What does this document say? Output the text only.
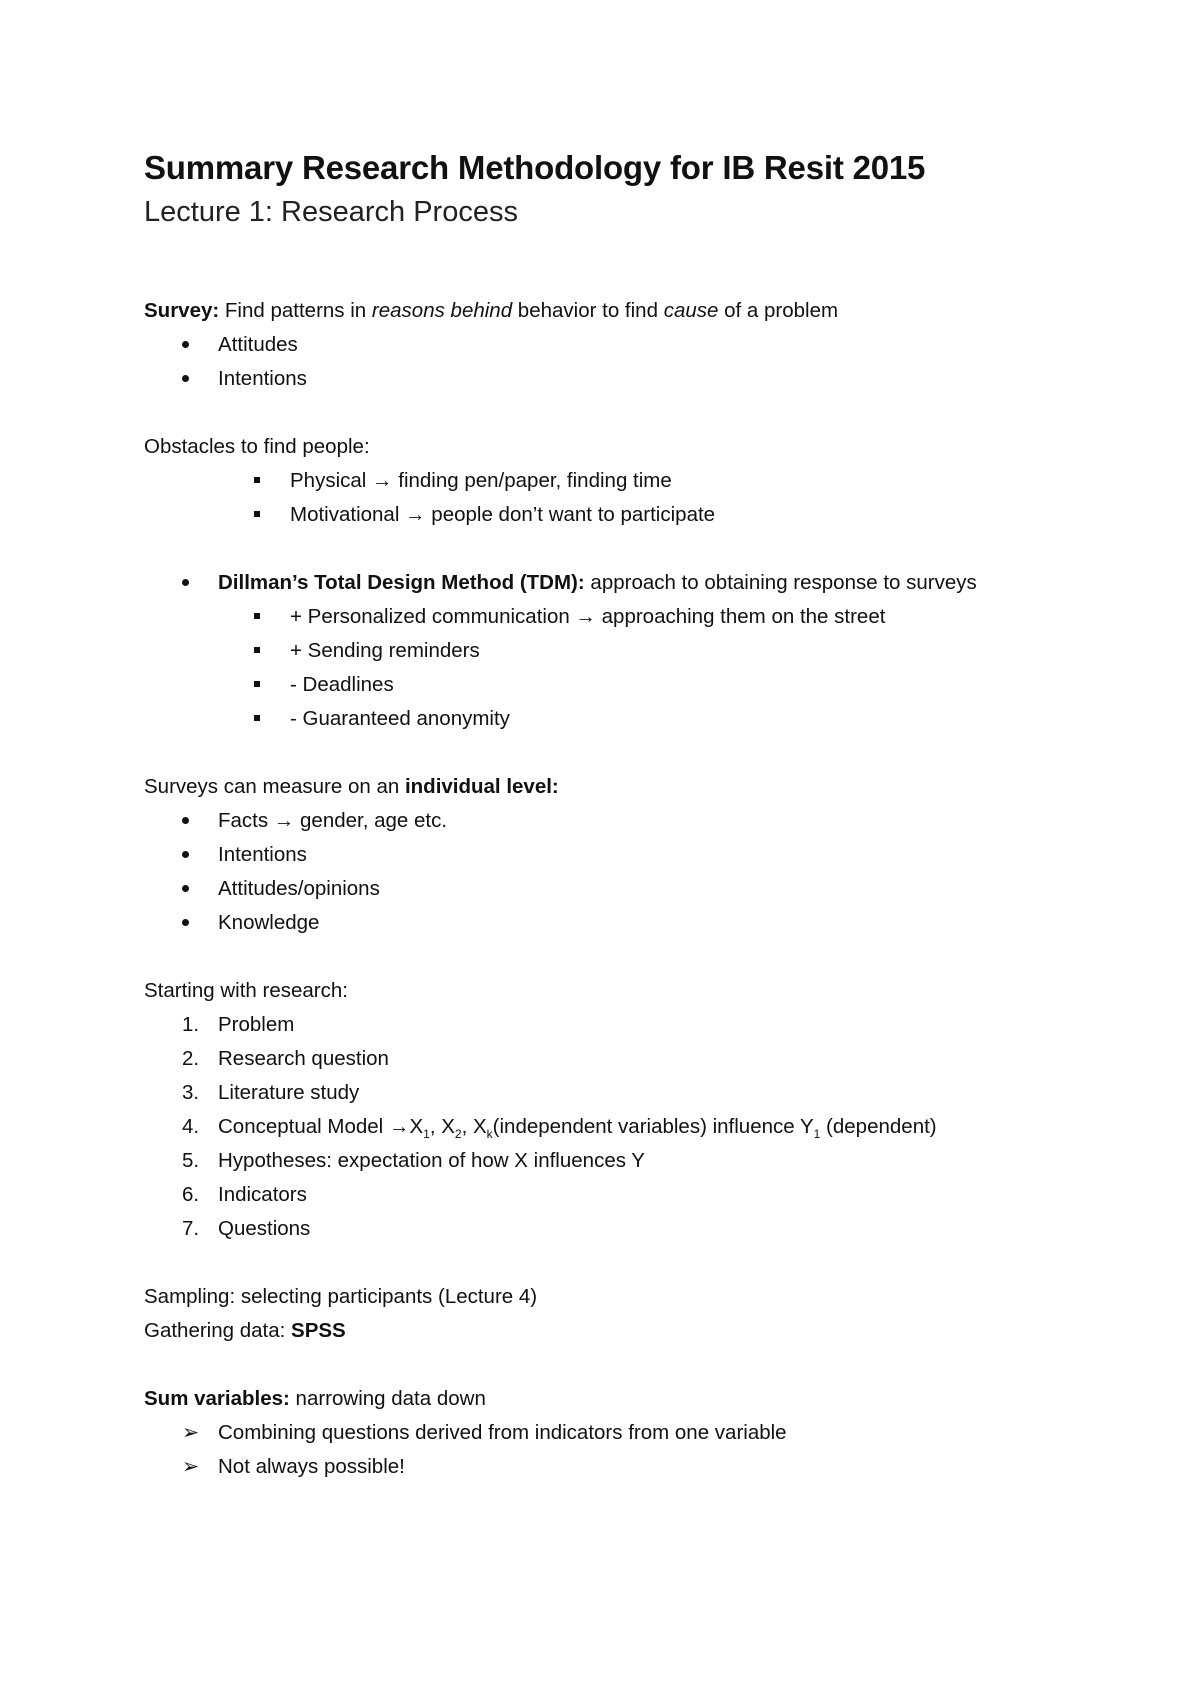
Summary Research Methodology for IB Resit 2015
Lecture 1: Research Process

Survey: Find patterns in reasons behind behavior to find cause of a problem

Attitudes
Intentions

Obstacles to find people:

Physical → finding pen/paper, finding time
Motivational → people don’t want to participate
Dillman’s Total Design Method (TDM): approach to obtaining response to surveys
+ Personalized communication → approaching them on the street
+ Sending reminders
- Deadlines
- Guaranteed anonymity

Surveys can measure on an individual level:

Facts → gender, age etc.
Intentions
Attitudes/opinions
Knowledge

Starting with research:

1. Problem
2. Research question
3. Literature study
4. Conceptual Model $\to X_1$, $X_2$, $X_k(independent$ variables) influence $Y_1$ (dependent)
5. Hypotheses: expectation of how X influences Y
6. Indicators
7. Questions

Sampling: selecting participants (Lecture 4)

Gathering data: SPSS

Sum variables: narrowing data down

➢ Combining questions derived from indicators from one variable
➢ Not always possible!
